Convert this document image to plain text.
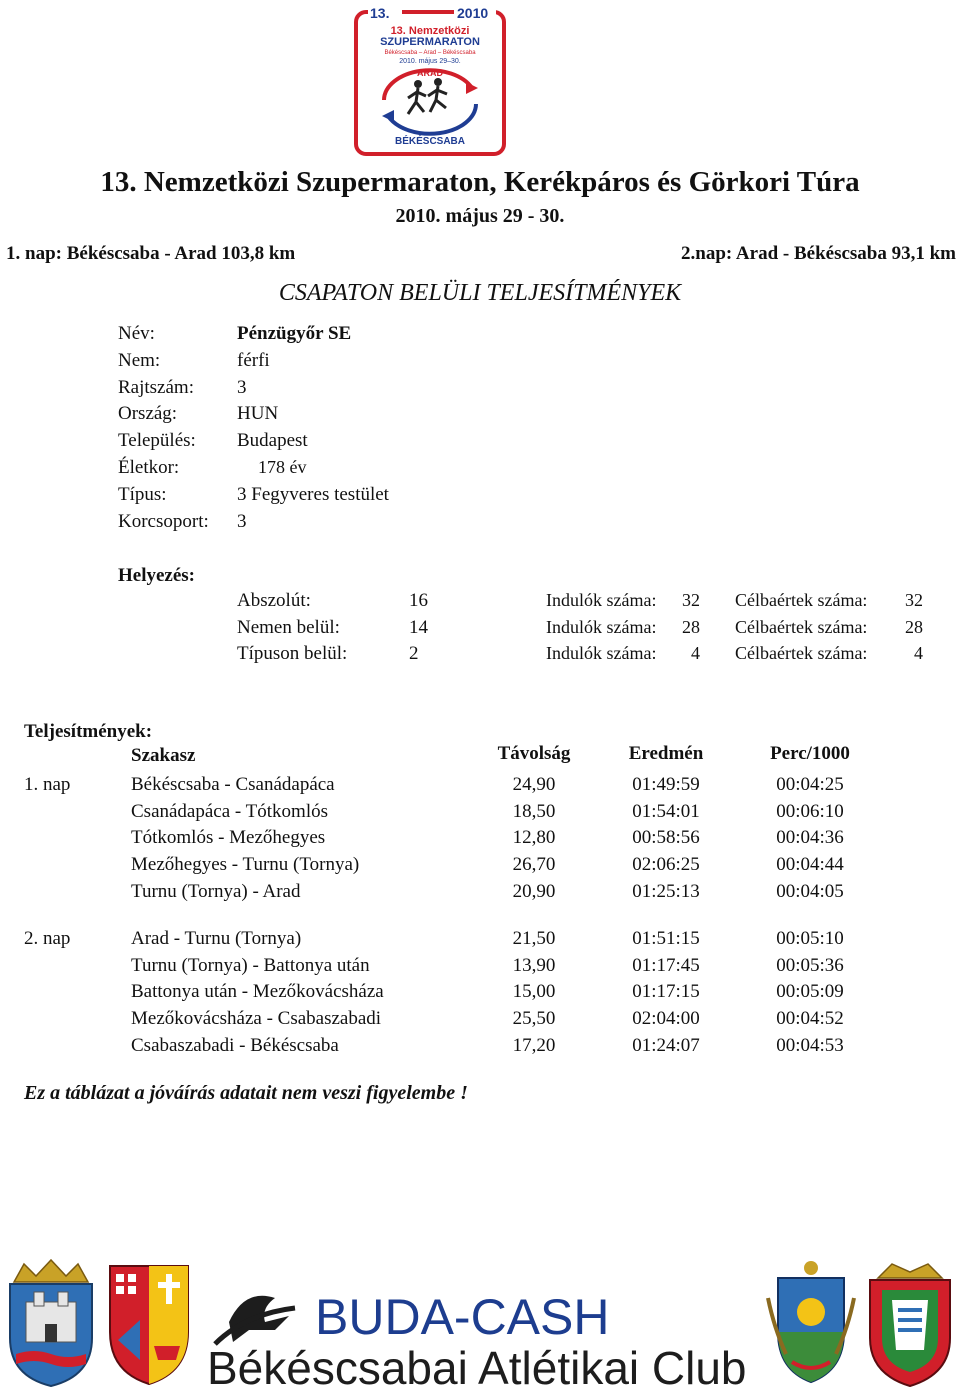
13.	2010
13. Nemzetközi
SZUPERMARATON
Békéscsaba – Arad – Békéscsaba
2010. május 29–30.
ARAD
BÉKÉSCSABA
13. Nemzetközi Szupermaraton, Kerékpáros és Görkori Túra
2010. május 29 - 30.
1. nap: Békéscsaba - Arad 103,8 km	2.nap: Arad - Békéscsaba 93,1 km
CSAPATON BELÜLI TELJESÍTMÉNYEK
Név:	Pénzügyőr SE
Nem:	férfi
Rajtszám: 3
Ország:	HUN
Település: Budapest
Életkor:	178 év
Típus:	3 Fegyveres testület
Korcsoport: 3
Helyezés:
Abszolút:	16	Indulók száma:	32 Célbaértek száma:	32
Nemen belül:	14	Indulók száma:	28 Célbaértek száma:	28
Típuson belül:	2	Indulók száma:	4 Célbaértek száma:	4
Teljesítmények:
Szakasz	Távolság	Eredmén	Perc/1000
1. nap	Békéscsaba - Csanádapáca	24,90	01:49:59	00:04:25
Csanádapáca - Tótkomlós	18,50	01:54:01	00:06:10
Tótkomlós - Mezőhegyes	12,80	00:58:56	00:04:36
Mezőhegyes - Turnu (Tornya)	26,70	02:06:25	00:04:44
Turnu (Tornya) - Arad	20,90	01:25:13	00:04:05
2. nap	Arad - Turnu (Tornya)	21,50	01:51:15	00:05:10
Turnu (Tornya) - Battonya után	13,90	01:17:45	00:05:36
Battonya után - Mezőkovácsháza	15,00	01:17:15	00:05:09
Mezőkovácsháza - Csabaszabadi	25,50	02:04:00	00:04:52
Csabaszabadi - Békéscsaba	17,20	01:24:07	00:04:53
Ez a táblázat a jóváírás adatait nem veszi figyelembe !
BUDA-CASH
Békéscsabai Atlétikai Club
